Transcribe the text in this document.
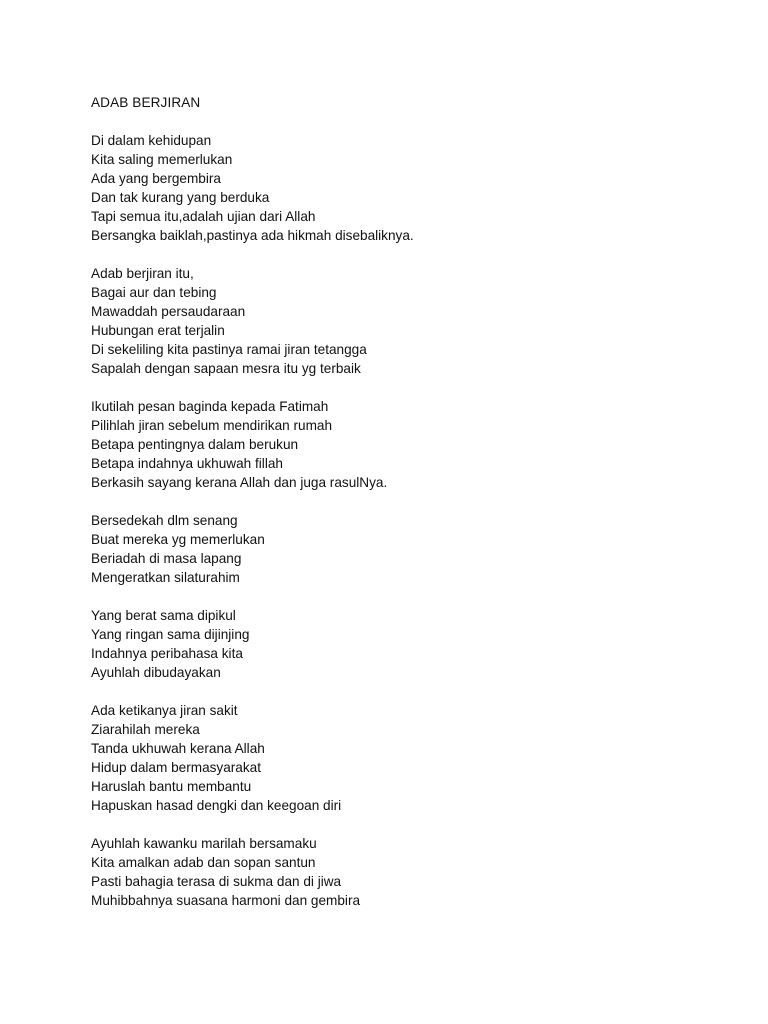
ADAB BERJIRAN
Di dalam kehidupan
Kita saling memerlukan
Ada yang bergembira
Dan tak kurang yang berduka
Tapi semua itu,adalah ujian dari Allah
Bersangka baiklah,pastinya ada hikmah disebaliknya.
Adab berjiran itu,
Bagai aur dan tebing
Mawaddah persaudaraan
Hubungan erat terjalin
Di sekeliling kita pastinya ramai jiran tetangga
Sapalah dengan sapaan mesra itu yg terbaik
Ikutilah pesan baginda kepada Fatimah
Pilihlah jiran sebelum mendirikan rumah
Betapa pentingnya dalam berukun
Betapa indahnya ukhuwah fillah
Berkasih sayang kerana Allah dan juga rasulNya.
Bersedekah dlm senang
Buat mereka yg memerlukan
Beriadah di masa lapang
Mengeratkan silaturahim
Yang berat sama dipikul
Yang ringan sama dijinjing
Indahnya peribahasa kita
Ayuhlah dibudayakan
Ada ketikanya jiran sakit
Ziarahilah mereka
Tanda ukhuwah kerana Allah
Hidup dalam bermasyarakat
Haruslah bantu membantu
Hapuskan hasad dengki dan keegoan diri
Ayuhlah kawanku marilah bersamaku
Kita amalkan adab dan sopan santun
Pasti bahagia terasa di sukma dan di jiwa
Muhibbahnya suasana harmoni dan gembira
